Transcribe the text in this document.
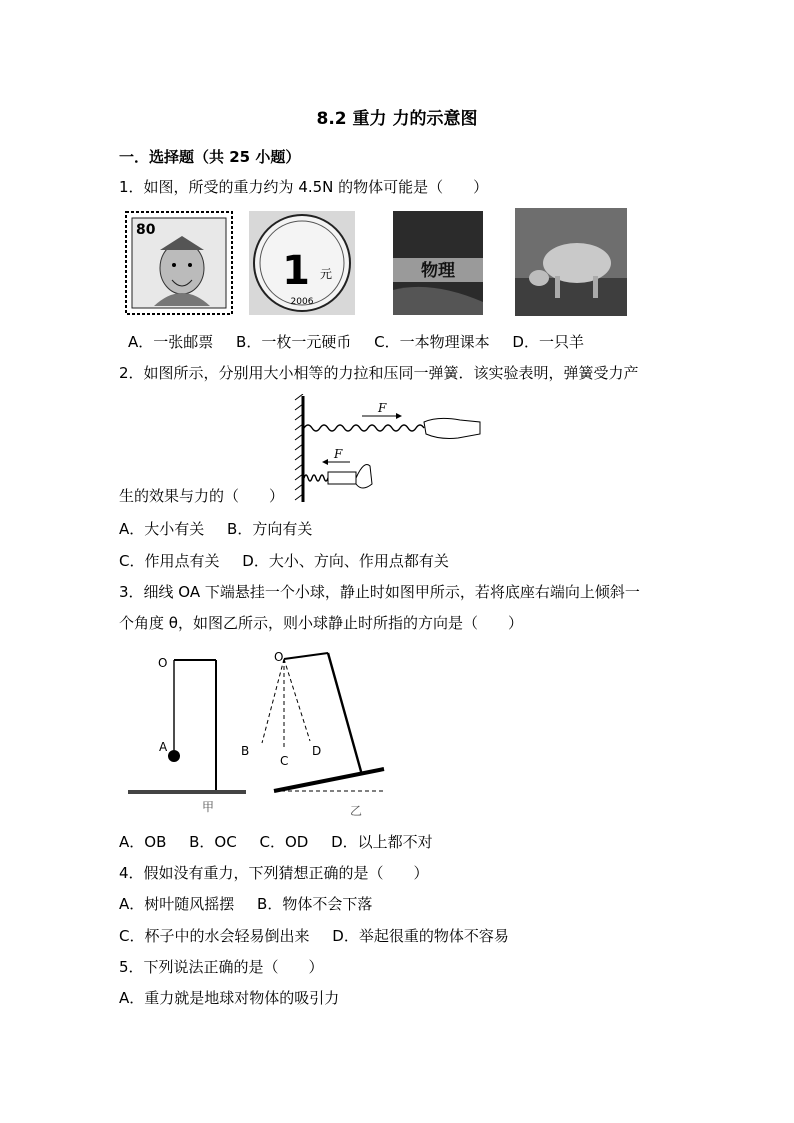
8.2 重力 力的示意图
一．选择题（共 25 小题）
1．如图，所受的重力约为 4.5N 的物体可能是（　　）
80
1 元
2006
物理
A．一张邮票 B．一枚一元硬币 C．一本物理课本 D．一只羊
2．如图所示，分别用大小相等的力拉和压同一弹簧．该实验表明，弹簧受力产
F
F
生的效果与力的（　　）
A．大小有关 B．方向有关
C．作用点有关 D．大小、方向、作用点都有关
3．细线 OA 下端悬挂一个小球，静止时如图甲所示，若将底座右端向上倾斜一
个角度 θ，如图乙所示，则小球静止时所指的方向是（　　）
O
A
甲
O
B
C
D
乙
A．OB B．OC C．OD D．以上都不对
4．假如没有重力，下列猜想正确的是（　　）
A．树叶随风摇摆 B．物体不会下落
C．杯子中的水会轻易倒出来 D．举起很重的物体不容易
5．下列说法正确的是（　　）
A．重力就是地球对物体的吸引力
